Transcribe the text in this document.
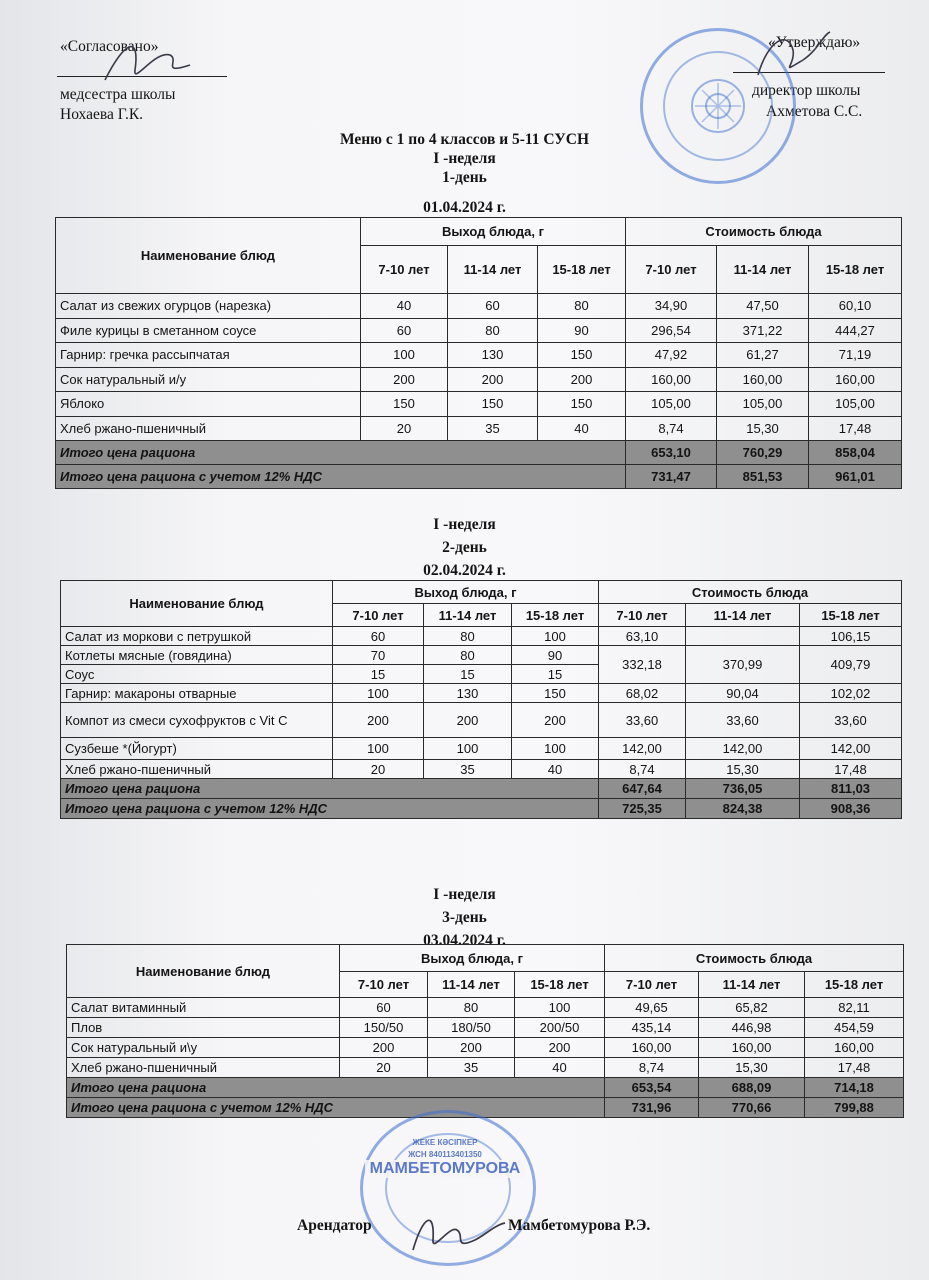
«Согласовано»
медсестра школы
Нохаева Г.К.
«Утверждаю»
директор школы
Ахметова С.С.
Меню с 1 по 4 классов и 5-11 СУСН
I -неделя
1-день
01.04.2024 г.
Наименование блюд	Выход блюда, г			Стоимость блюда		
	7-10 лет	11-14 лет	15-18 лет	7-10 лет	11-14 лет	15-18 лет
Салат из свежих огурцов (нарезка)	40	60	80	34,90	47,50	60,10
Филе курицы в сметанном соусе	60	80	90	296,54	371,22	444,27
Гарнир: гречка рассыпчатая	100	130	150	47,92	61,27	71,19
Сок натуральный и/у	200	200	200	160,00	160,00	160,00
Яблоко	150	150	150	105,00	105,00	105,00
Хлеб ржано-пшеничный	20	35	40	8,74	15,30	17,48
Итого цена рациона				653,10	760,29	858,04
Итого цена рациона с учетом 12% НДС				731,47	851,53	961,01
I -неделя
2-день
02.04.2024 г.
Наименование блюд	Выход блюда, г			Стоимость блюда		
	7-10 лет	11-14 лет	15-18 лет	7-10 лет	11-14 лет	15-18 лет
Салат из моркови с петрушкой	60	80	100	63,10		106,15
Котлеты мясные (говядина)	70	80	90	332,18	370,99	409,79
Соус	15	15	15			
Гарнир: макароны отварные	100	130	150	68,02	90,04	102,02
Компот из смеси сухофруктов с Vit C	200	200	200	33,60	33,60	33,60
Сузбеше *(Йогурт)	100	100	100	142,00	142,00	142,00
Хлеб ржано-пшеничный	20	35	40	8,74	15,30	17,48
Итого цена рациона				647,64	736,05	811,03
Итого цена рациона с учетом 12% НДС				725,35	824,38	908,36
I -неделя
3-день
03.04.2024 г.
Наименование блюд	Выход блюда, г			Стоимость блюда		
	7-10 лет	11-14 лет	15-18 лет	7-10 лет	11-14 лет	15-18 лет
Салат витаминный	60	80	100	49,65	65,82	82,11
Плов	150/50	180/50	200/50	435,14	446,98	454,59
Сок натуральный и\у	200	200	200	160,00	160,00	160,00
Хлеб ржано-пшеничный	20	35	40	8,74	15,30	17,48
Итого цена рациона				653,54	688,09	714,18
Итого цена рациона с учетом 12% НДС				731,96	770,66	799,88
ЖЕКЕ КӘСІПКЕР
ЖСН 840113401350
МАМБЕТОМУРОВА
Арендатор	Мамбетомурова Р.Э.
